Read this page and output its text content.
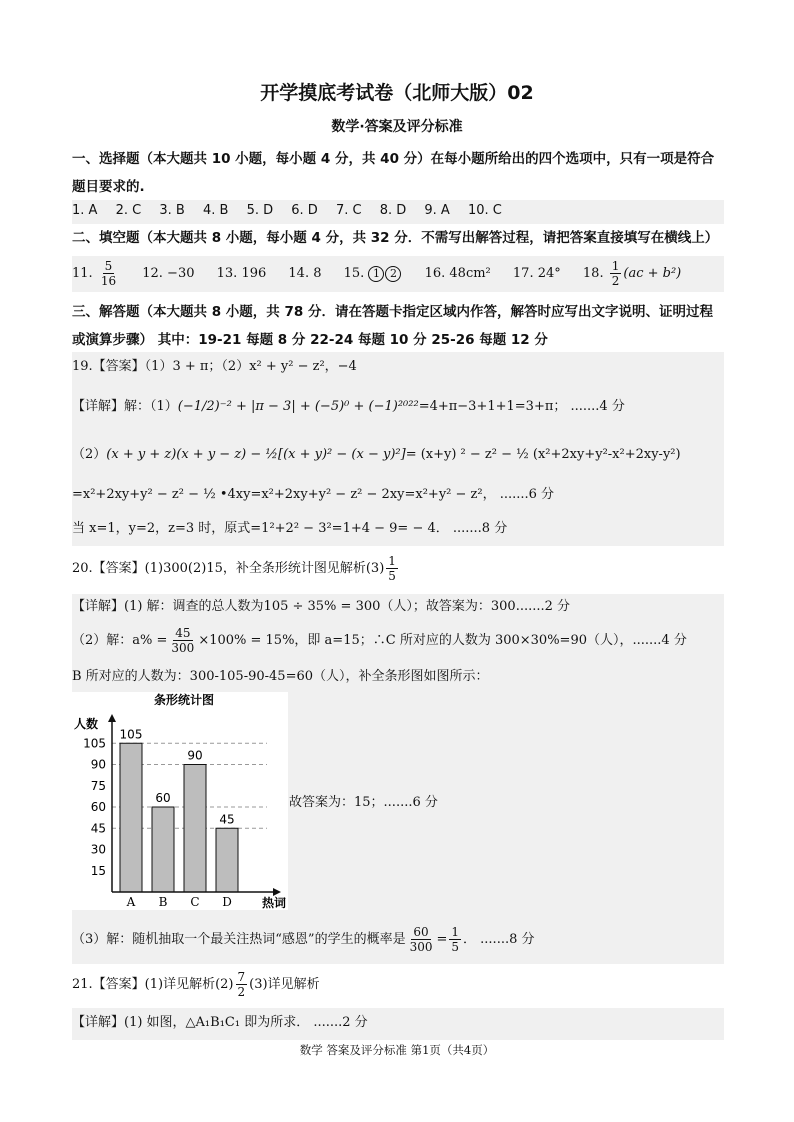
开学摸底考试卷（北师大版）02
数学·答案及评分标准
一、选择题（本大题共 10 小题，每小题 4 分，共 40 分）在每小题所给出的四个选项中，只有一项是符合
题目要求的.
1. A 2. C 3. B 4. B 5. D 6. D 7. C 8. D 9. A 10. C
二、填空题（本大题共 8 小题，每小题 4 分，共 32 分．不需写出解答过程，请把答案直接填写在横线上）
11. $\frac{5}{16} 12$. −30 13. 196 14. 8 15. 1 2 16. 48cm² 17. 24° 18. $\frac{1}{2} (ac + b^2)$
三、解答题（本大题共 8 小题，共 78 分．请在答题卡指定区域内作答，解答时应写出文字说明、证明过程
或演算步骤） 其中：19-21 每题 8 分 22-24 每题 10 分 25-26 每题 12 分
19.【答案】（1）3 + π；（2）x² + y² − z²，−4
【详解】解：（1）(−1/2)⁻² + |π − 3| + (−5)⁰ + (−1)²⁰²²=4+π−3+1+1=3+π； .......4 分
（2）(x + y + z)(x + y − z) − ½[(x + y)² − (x − y)²]= (x+y) ² − z² − ½ (x²+2xy+y²-x²+2xy-y²)
=x²+2xy+y² − z² − ½ •4xy=x²+2xy+y² − z² − 2xy=x²+y² − z²， .......6 分
当 x=1，y=2，z=3 时，原式=1²+2² − 3²=1+4 − 9= − 4． .......8 分
20.【答案】(1)300(2)15，补全条形统计图见解析$(3) \frac{1}{5}$
【详解】(1) 解：调查的总人数为105 ÷ 35% = 300（人）；故答案为：300.......2 分
（2）解：$a\% = \frac{45}{300} \times 100\% = 15\%$，即 a=15；∴C 所对应的人数为 300×30%=90（人），.......4 分
B 所对应的人数为：300-105-90-45=60（人），补全条形图如图所示：
条形统计图
人数
热词
105
60
90
45
15
30
45
60
75
90
105
A B C D
故答案为：15；.......6 分
（3）解：随机抽取一个最关注热词“感恩”的学生的概率是 $\frac{60}{300} = \frac{1}{5}$ ． .......8 分
21.【答案】(1)详见解析$(2) \frac{7}{2} (3)$详见解析
【详解】(1) 如图，△A₁B₁C₁ 即为所求． .......2 分
数学 答案及评分标准 第1页（共4页）
